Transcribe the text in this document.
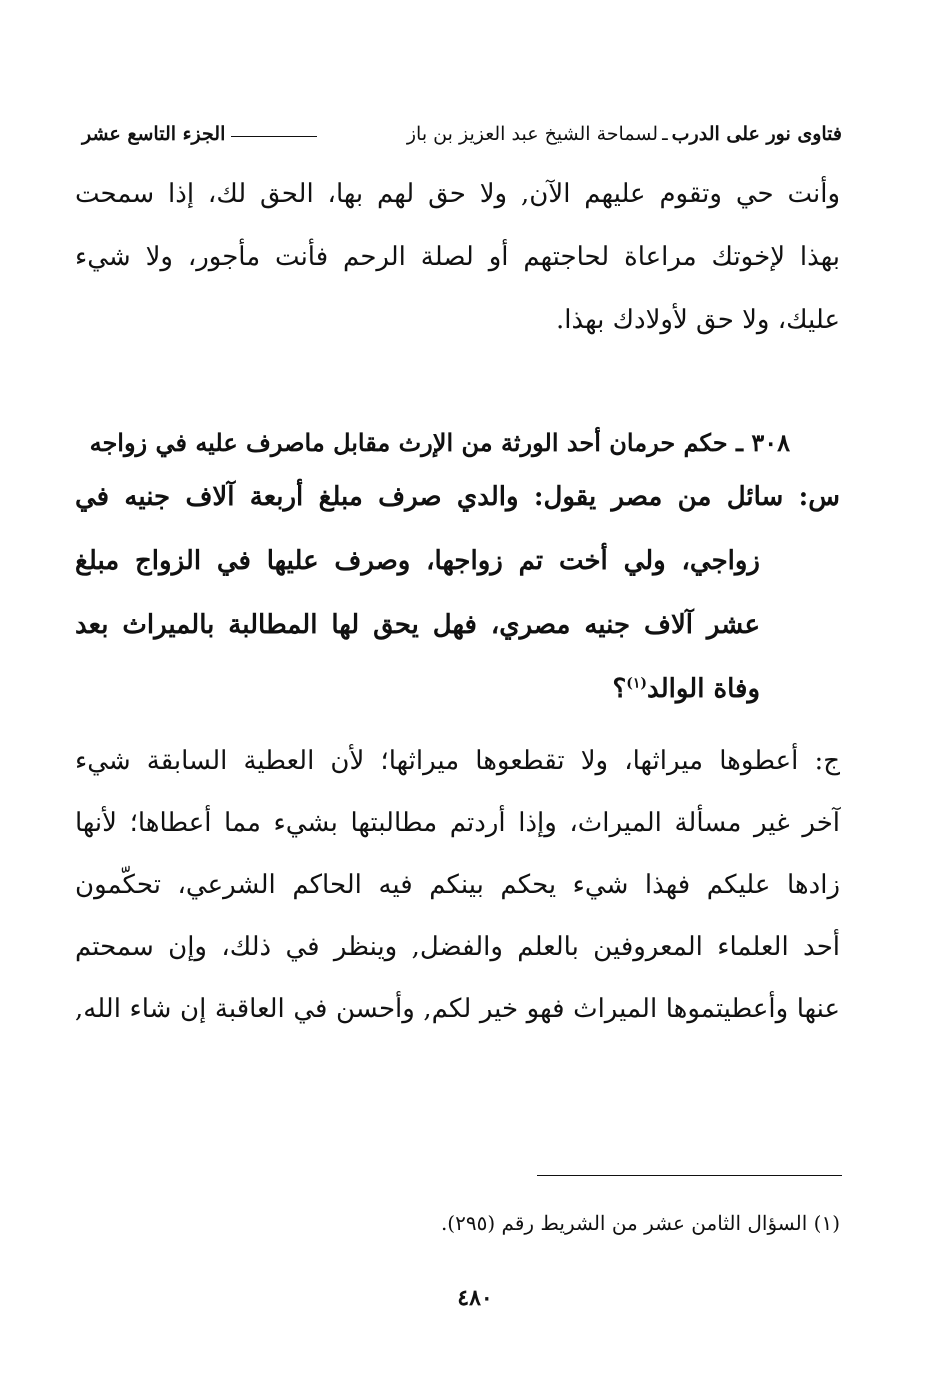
فتاوى نور على الدرب
ـ
لسماحة الشيخ عبد العزيز بن باز
الجزء التاسع عشر

وأنت حي وتقوم عليهم الآن, ولا حق لهم بها، الحق لك، إذا سمحت
بهذا لإخوتك مراعاة لحاجتهم أو لصلة الرحم فأنت مأجور، ولا شيء
عليك، ولا حق لأولادك بهذا.

٣٠٨ ـ حكم حرمان أحد الورثة من الإرث مقابل ماصرف عليه في زواجه

س: سائل من مصر يقول: والدي صرف مبلغ أربعة آلاف جنيه في
زواجي، ولي أخت تم زواجها، وصرف عليها في الزواج مبلغ
عشر آلاف جنيه مصري، فهل يحق لها المطالبة بالميراث بعد
وفاة الوالد$^{(١)}$؟

ج: أعطوها ميراثها، ولا تقطعوها ميراثها؛ لأن العطية السابقة شيء
آخر غير مسألة الميراث، وإذا أردتم مطالبتها بشيء مما أعطاها؛ لأنها
زادها عليكم فهذا شيء يحكم بينكم فيه الحاكم الشرعي، تحكّمون
أحد العلماء المعروفين بالعلم والفضل, وينظر في ذلك، وإن سمحتم
عنها وأعطيتموها الميراث فهو خير لكم, وأحسن في العاقبة إن شاء الله,

(١) السؤال الثامن عشر من الشريط رقم (٢٩٥).
٤٨٠
